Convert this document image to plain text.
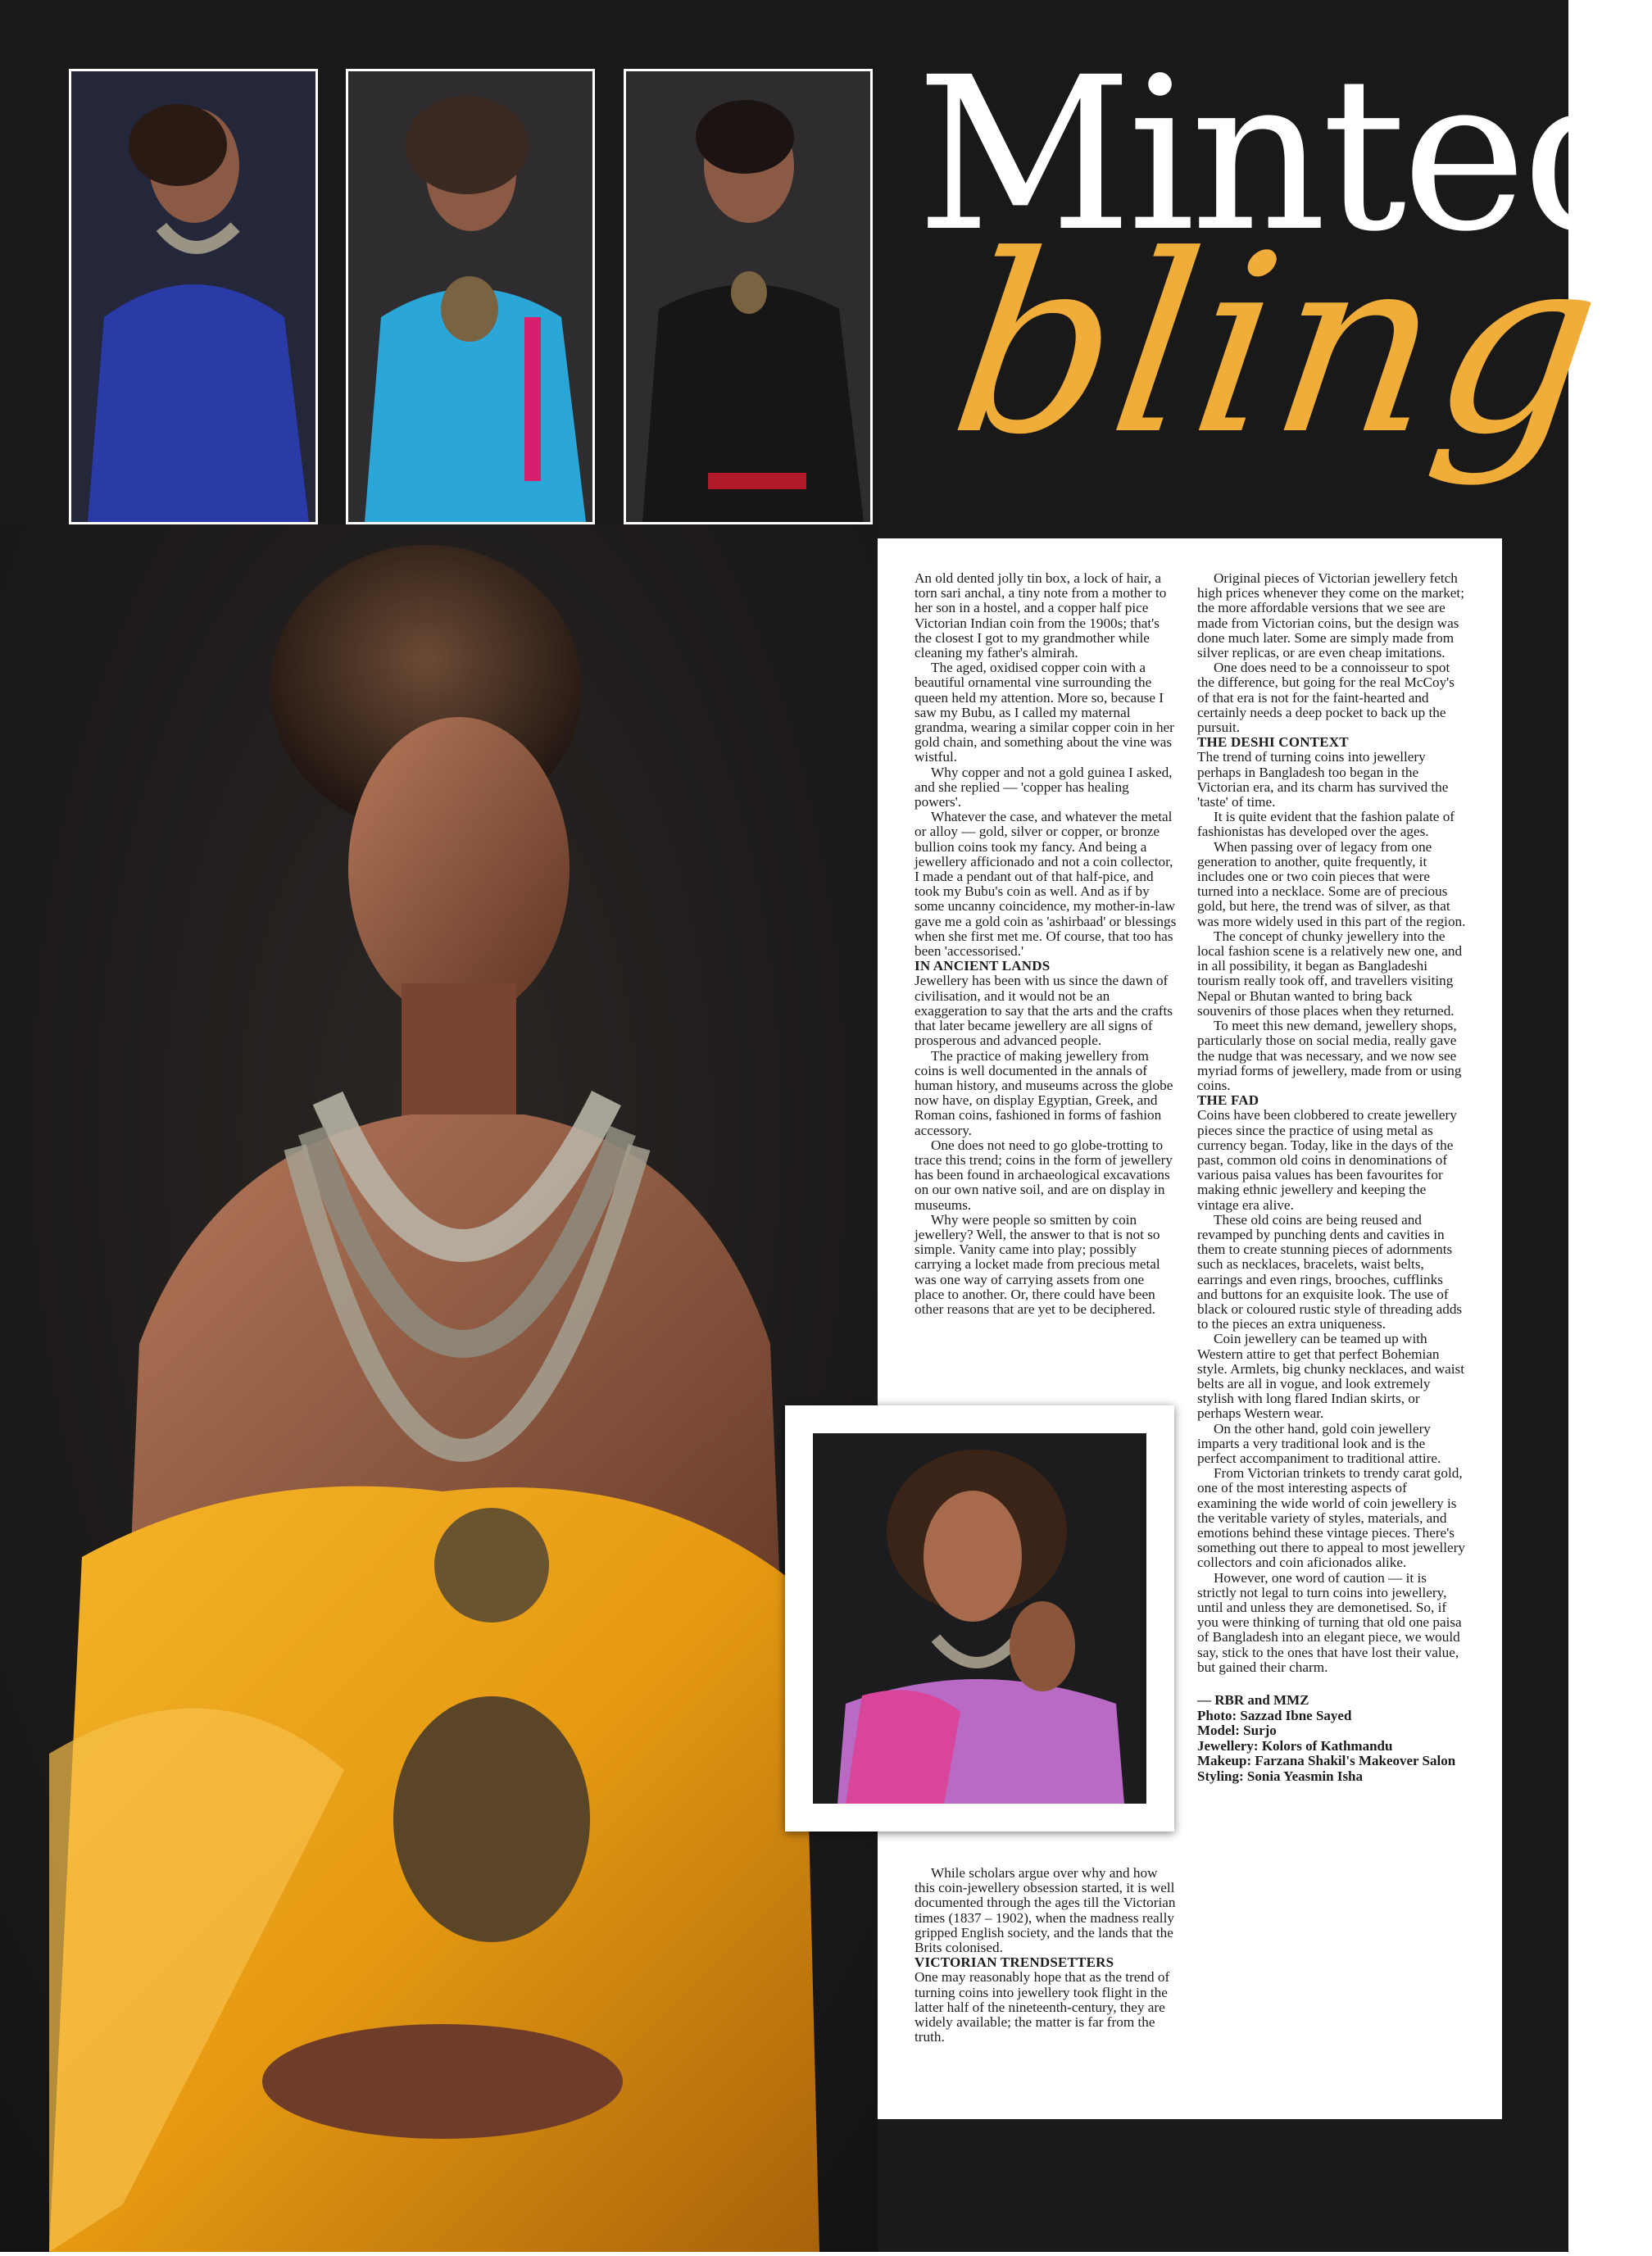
Minted
bling

An old dented jolly tin box, a lock of hair, a torn sari anchal, a tiny note from a mother to her son in a hostel, and a copper half pice Victorian Indian coin from the 1900s; that's the closest I got to my grandmother while cleaning my father's almirah.

The aged, oxidised copper coin with a beautiful ornamental vine surrounding the queen held my attention. More so, because I saw my Bubu, as I called my maternal grandma, wearing a similar copper coin in her gold chain, and something about the vine was wistful.

Why copper and not a gold guinea I asked, and she replied — 'copper has healing powers'.

Whatever the case, and whatever the metal or alloy — gold, silver or copper, or bronze bullion coins took my fancy. And being a jewellery afficionado and not a coin collector, I made a pendant out of that half-pice, and took my Bubu's coin as well. And as if by some uncanny coincidence, my mother-in-law gave me a gold coin as 'ashirbaad' or blessings when she first met me. Of course, that too has been 'accessorised.'

IN ANCIENT LANDS

Jewellery has been with us since the dawn of civilisation, and it would not be an exaggeration to say that the arts and the crafts that later became jewellery are all signs of prosperous and advanced people.

The practice of making jewellery from coins is well documented in the annals of human history, and museums across the globe now have, on display Egyptian, Greek, and Roman coins, fashioned in forms of fashion accessory.

One does not need to go globe-trotting to trace this trend; coins in the form of jewellery has been found in archaeological excavations on our own native soil, and are on display in museums.

Why were people so smitten by coin jewellery? Well, the answer to that is not so simple. Vanity came into play; possibly carrying a locket made from precious metal was one way of carrying assets from one place to another. Or, there could have been other reasons that are yet to be deciphered.

While scholars argue over why and how this coin-jewellery obsession started, it is well documented through the ages till the Victorian times (1837 – 1902), when the madness really gripped English society, and the lands that the Brits colonised.

VICTORIAN TRENDSETTERS

One may reasonably hope that as the trend of turning coins into jewellery took flight in the latter half of the nineteenth-century, they are widely available; the matter is far from the truth.

Original pieces of Victorian jewellery fetch high prices whenever they come on the market; the more affordable versions that we see are made from Victorian coins, but the design was done much later. Some are simply made from silver replicas, or are even cheap imitations.

One does need to be a connoisseur to spot the difference, but going for the real McCoy's of that era is not for the faint-hearted and certainly needs a deep pocket to back up the pursuit.

THE DESHI CONTEXT

The trend of turning coins into jewellery perhaps in Bangladesh too began in the Victorian era, and its charm has survived the 'taste' of time.

It is quite evident that the fashion palate of fashionistas has developed over the ages.

When passing over of legacy from one generation to another, quite frequently, it includes one or two coin pieces that were turned into a necklace. Some are of precious gold, but here, the trend was of silver, as that was more widely used in this part of the region.

The concept of chunky jewellery into the local fashion scene is a relatively new one, and in all possibility, it began as Bangladeshi tourism really took off, and travellers visiting Nepal or Bhutan wanted to bring back souvenirs of those places when they returned.

To meet this new demand, jewellery shops, particularly those on social media, really gave the nudge that was necessary, and we now see myriad forms of jewellery, made from or using coins.

THE FAD

Coins have been clobbered to create jewellery pieces since the practice of using metal as currency began. Today, like in the days of the past, common old coins in denominations of various paisa values has been favourites for making ethnic jewellery and keeping the vintage era alive.

These old coins are being reused and revamped by punching dents and cavities in them to create stunning pieces of adornments such as necklaces, bracelets, waist belts, earrings and even rings, brooches, cufflinks and buttons for an exquisite look. The use of black or coloured rustic style of threading adds to the pieces an extra uniqueness.

Coin jewellery can be teamed up with Western attire to get that perfect Bohemian style. Armlets, big chunky necklaces, and waist belts are all in vogue, and look extremely stylish with long flared Indian skirts, or perhaps Western wear.

On the other hand, gold coin jewellery imparts a very traditional look and is the perfect accompaniment to traditional attire.

From Victorian trinkets to trendy carat gold, one of the most interesting aspects of examining the wide world of coin jewellery is the veritable variety of styles, materials, and emotions behind these vintage pieces. There's something out there to appeal to most jewellery collectors and coin aficionados alike.

However, one word of caution — it is strictly not legal to turn coins into jewellery, until and unless they are demonetised. So, if you were thinking of turning that old one paisa of Bangladesh into an elegant piece, we would say, stick to the ones that have lost their value, but gained their charm.

— RBR and MMZ
Photo: Sazzad Ibne Sayed
Model: Surjo
Jewellery: Kolors of Kathmandu
Makeup: Farzana Shakil's Makeover Salon
Styling: Sonia Yeasmin Isha
